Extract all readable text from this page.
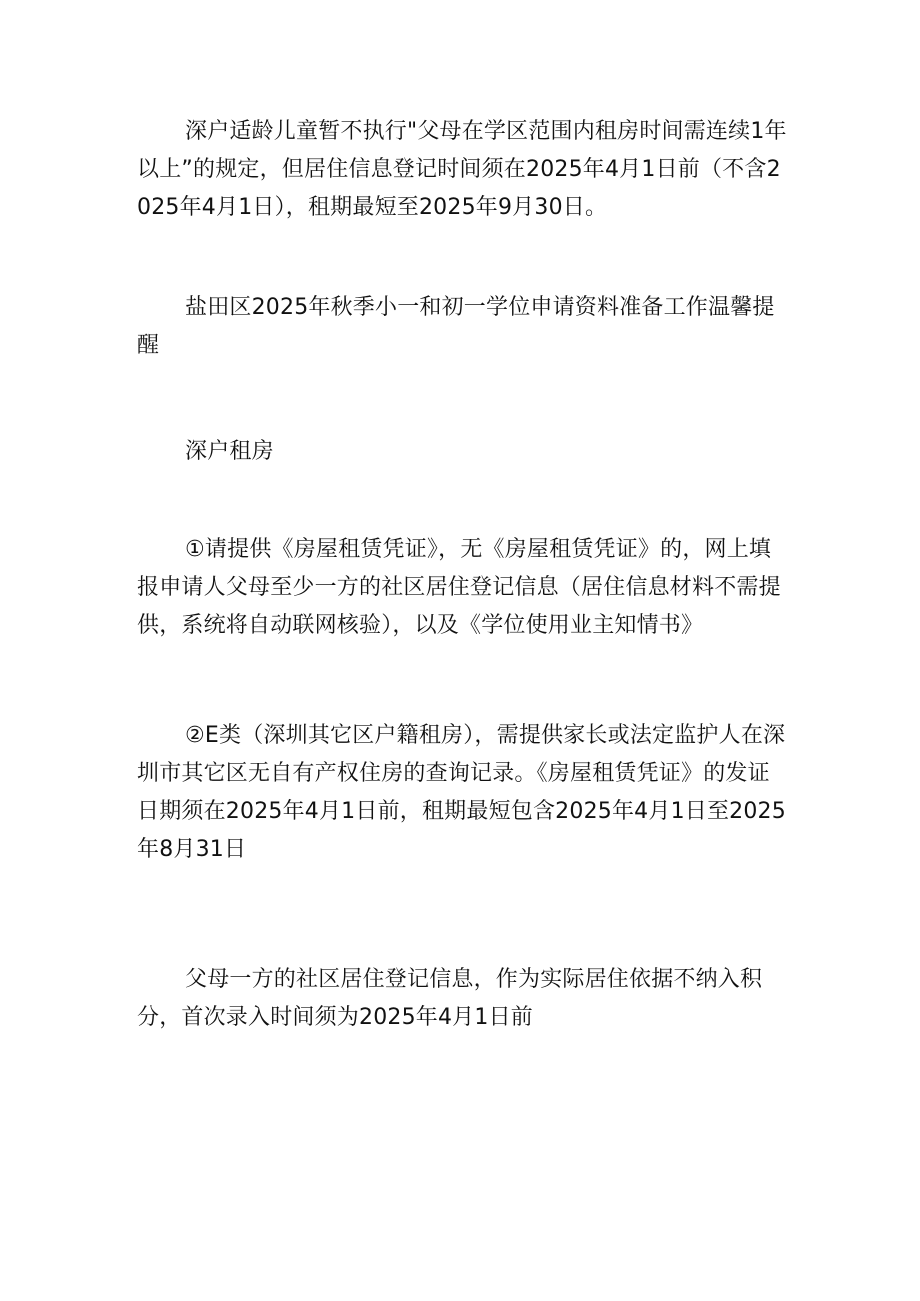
深户适龄儿童暂不执行"父母在学区范围内租房时间需连续1年以上”的规定，但居住信息登记时间须在2025年4月1日前（不含2025年4月1日），租期最短至2025年9月30日。

盐田区2025年秋季小一和初一学位申请资料准备工作温馨提醒

深户租房

①请提供《房屋租赁凭证》，无《房屋租赁凭证》的，网上填报申请人父母至少一方的社区居住登记信息（居住信息材料不需提供，系统将自动联网核验），以及《学位使用业主知情书》

②E类（深圳其它区户籍租房），需提供家长或法定监护人在深圳市其它区无自有产权住房的查询记录。《房屋租赁凭证》的发证日期须在2025年4月1日前，租期最短包含2025年4月1日至2025年8月31日

父母一方的社区居住登记信息，作为实际居住依据不纳入积分，首次录入时间须为2025年4月1日前
